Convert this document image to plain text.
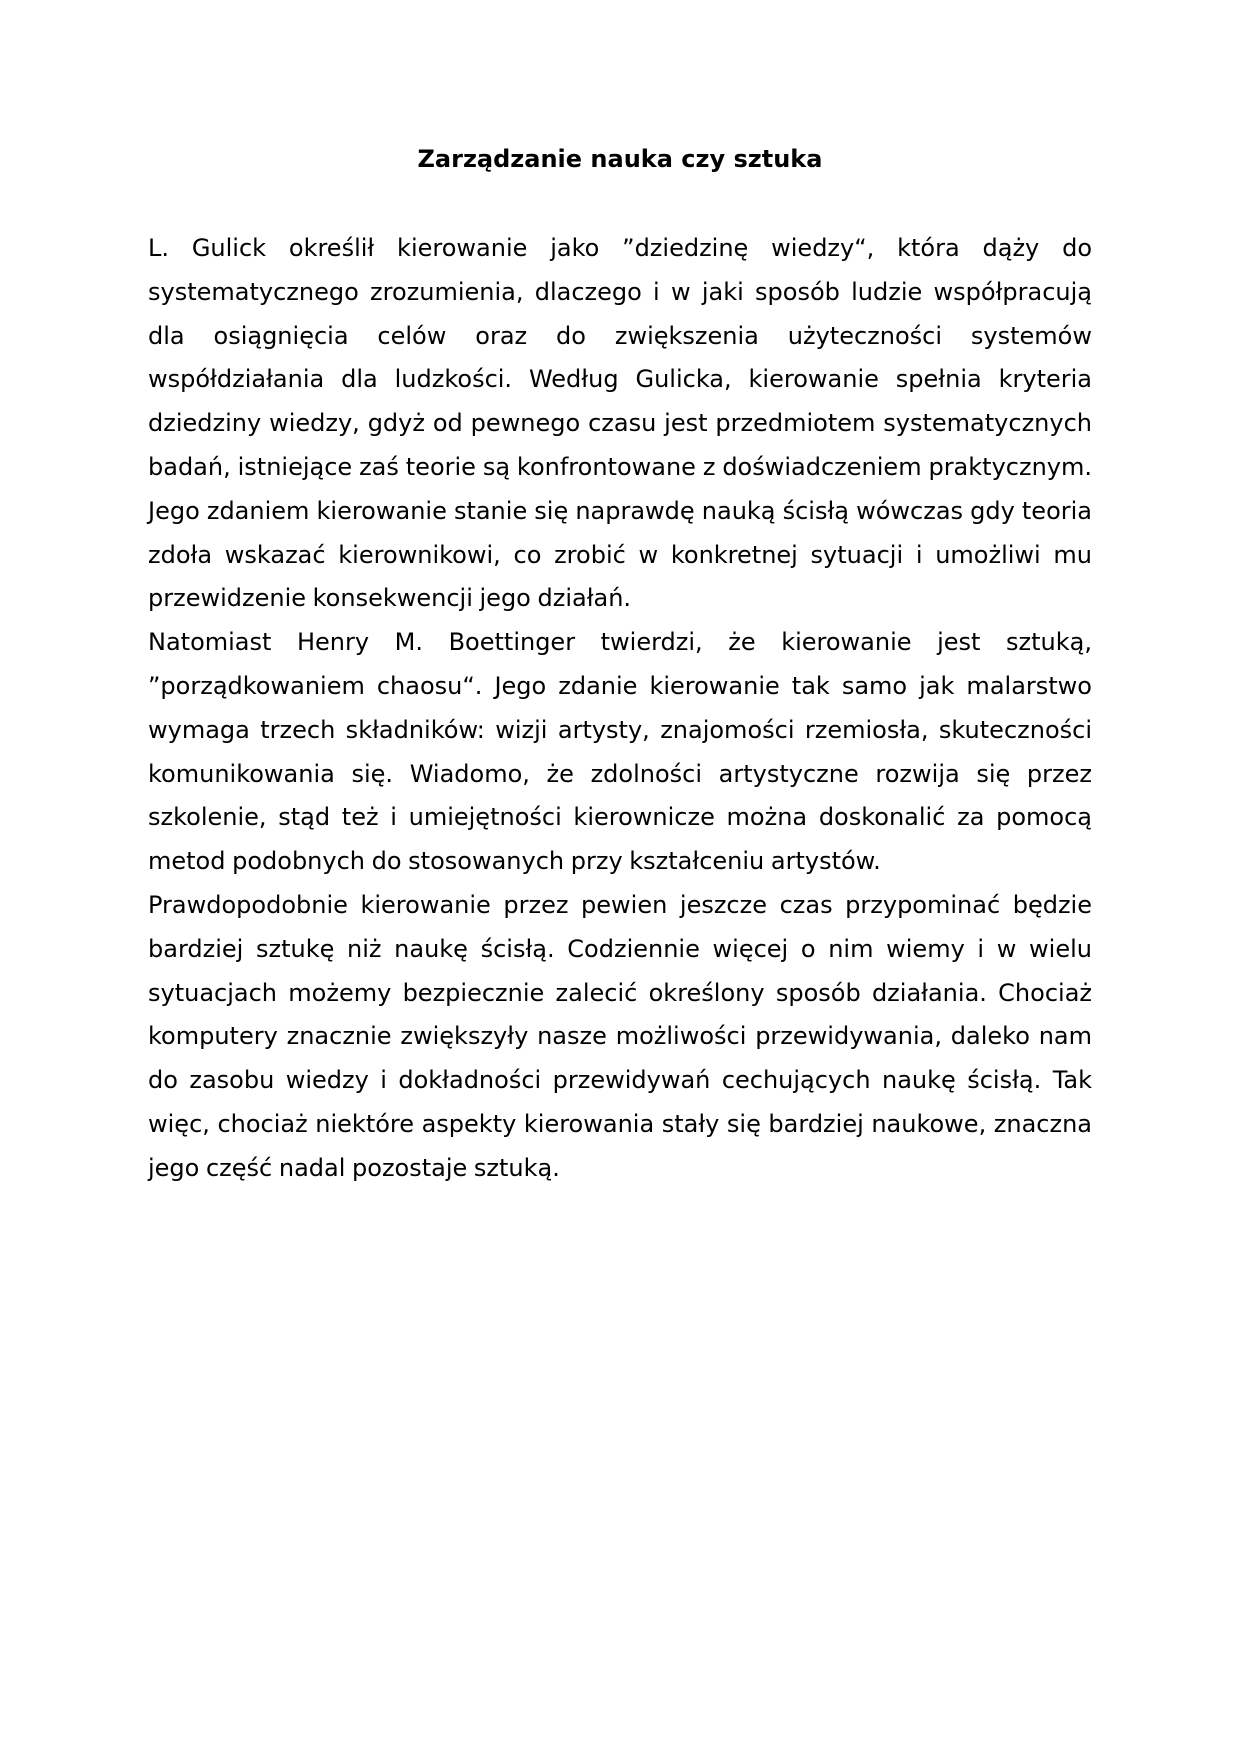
Zarządzanie nauka czy sztuka

L. Gulick określił kierowanie jako ”dziedzinę wiedzy“, która dąży do systematycznego zrozumienia, dlaczego i w jaki sposób ludzie współpracują dla osiągnięcia celów oraz do zwiększenia użyteczności systemów współdziałania dla ludzkości. Według Gulicka, kierowanie spełnia kryteria dziedziny wiedzy, gdyż od pewnego czasu jest przedmiotem systematycznych badań, istniejące zaś teorie są konfrontowane z doświadczeniem praktycznym. Jego zdaniem kierowanie stanie się naprawdę nauką ścisłą wówczas gdy teoria zdoła wskazać kierownikowi, co zrobić w konkretnej sytuacji i umożliwi mu przewidzenie konsekwencji jego działań.

Natomiast Henry M. Boettinger twierdzi, że kierowanie jest sztuką, ”porządkowaniem chaosu“. Jego zdanie kierowanie tak samo jak malarstwo wymaga trzech składników: wizji artysty, znajomości rzemiosła, skuteczności komunikowania się. Wiadomo, że zdolności artystyczne rozwija się przez szkolenie, stąd też i umiejętności kierownicze można doskonalić za pomocą metod podobnych do stosowanych przy kształceniu artystów.

Prawdopodobnie kierowanie przez pewien jeszcze czas przypominać będzie bardziej sztukę niż naukę ścisłą. Codziennie więcej o nim wiemy i w wielu sytuacjach możemy bezpiecznie zalecić określony sposób działania. Chociaż komputery znacznie zwiększyły nasze możliwości przewidywania, daleko nam do zasobu wiedzy i dokładności przewidywań cechujących naukę ścisłą. Tak więc, chociaż niektóre aspekty kierowania stały się bardziej naukowe, znaczna jego część nadal pozostaje sztuką.
